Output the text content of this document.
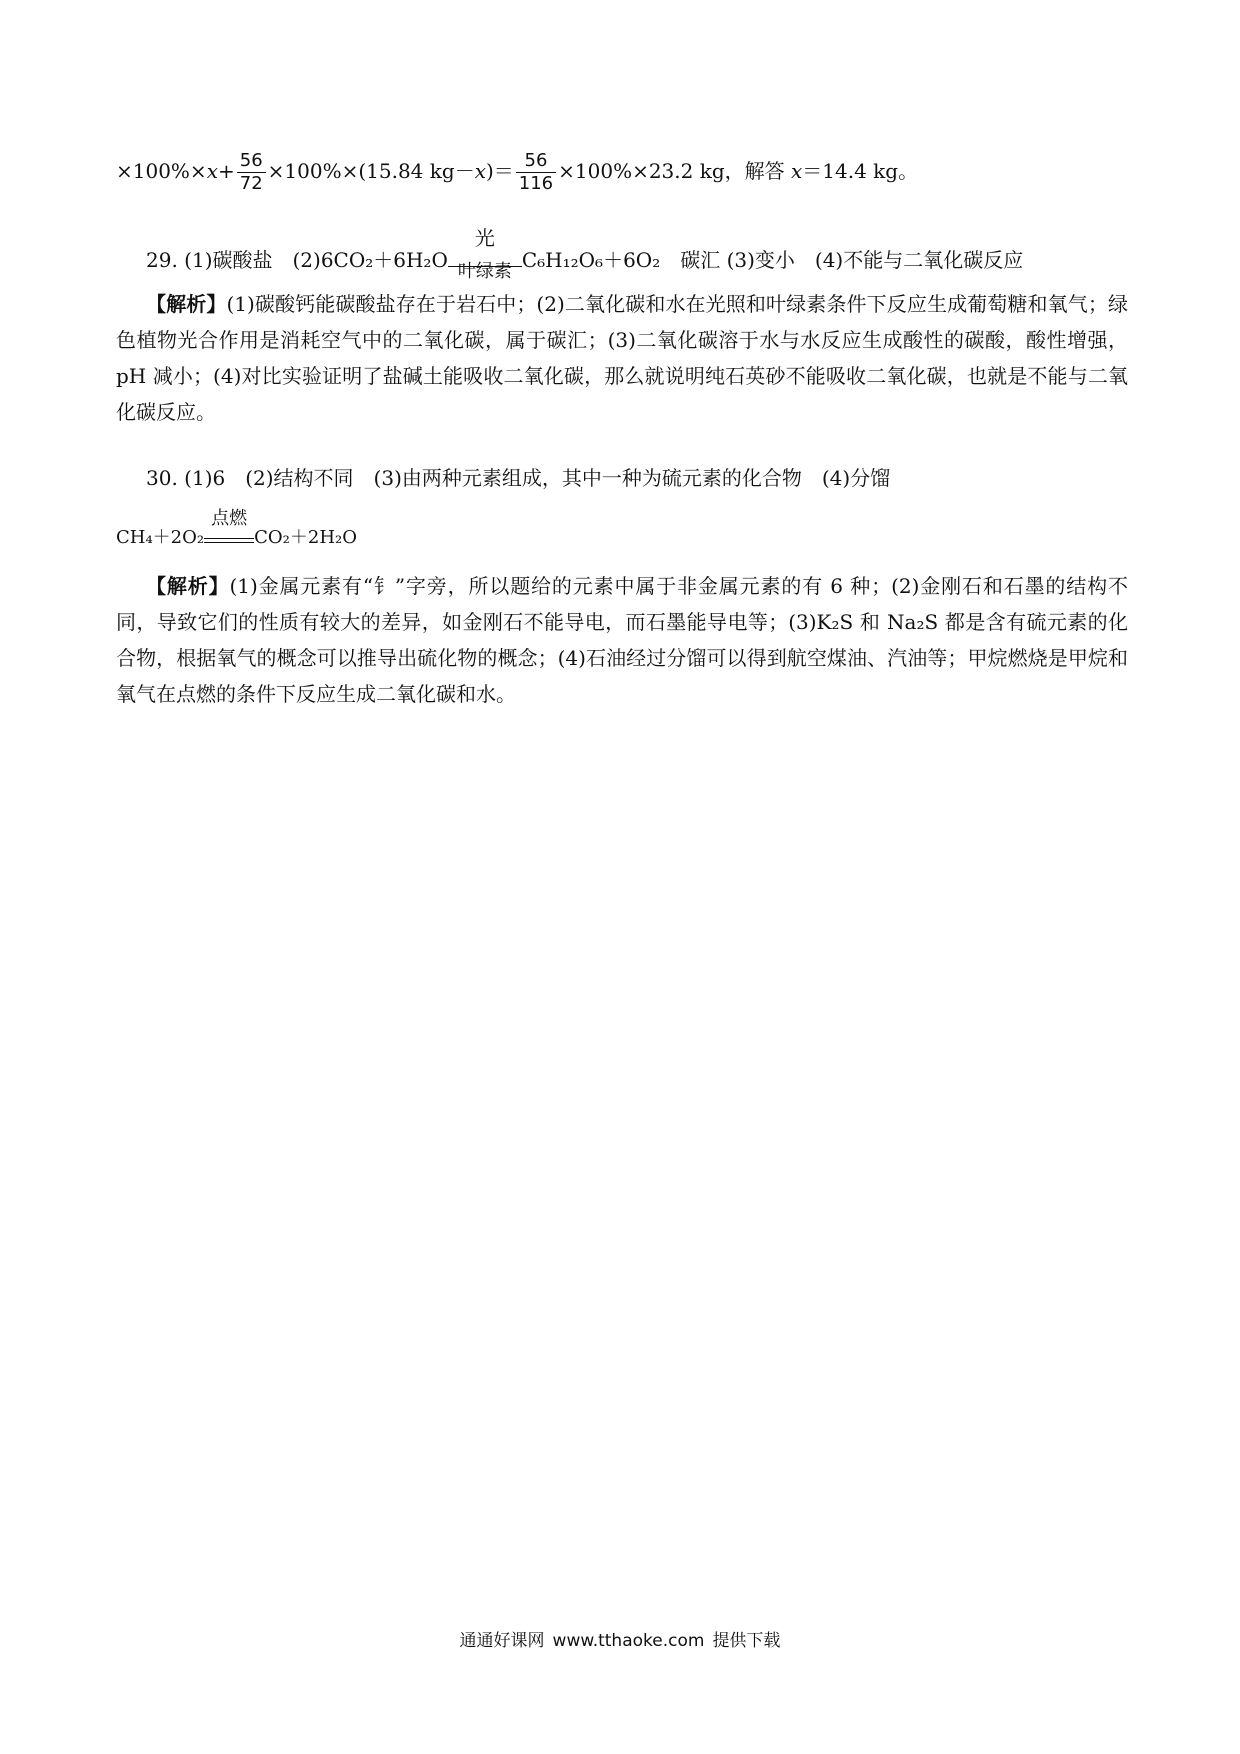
$\times 100\%\times x+ \frac{56}{72} \times 100\%\times(15.84$ $kg-x)= \frac{56}{116} \times 100\%\times 23.2$ kg，解答 x＝14.4 kg。
29. (1)碳酸盐　(2)6CO₂＋6H₂O
光
叶绿素 C₆H₁₂O₆＋6O₂　碳汇 (3)变小　(4)不能与二氧化碳反应
【解析】(1)碳酸钙能碳酸盐存在于岩石中；(2)二氧化碳和水在光照和叶绿素条件下反应生成葡萄糖和氧气；绿色植物光合作用是消耗空气中的二氧化碳，属于碳汇；(3)二氧化碳溶于水与水反应生成酸性的碳酸，酸性增强，pH 减小；(4)对比实验证明了盐碱土能吸收二氧化碳，那么就说明纯石英砂不能吸收二氧化碳，也就是不能与二氧化碳反应。
30. (1)6　(2)结构不同　(3)由两种元素组成，其中一种为硫元素的化合物　(4)分馏
CH₄＋2O₂
点燃
CO₂＋2H₂O
【解析】(1)金属元素有“钅”字旁，所以题给的元素中属于非金属元素的有 6 种；(2)金刚石和石墨的结构不同，导致它们的性质有较大的差异，如金刚石不能导电，而石墨能导电等；(3)K₂S 和 Na₂S 都是含有硫元素的化合物，根据氧气的概念可以推导出硫化物的概念；(4)石油经过分馏可以得到航空煤油、汽油等；甲烷燃烧是甲烷和氧气在点燃的条件下反应生成二氧化碳和水。
通通好课网 www.tthaoke.com 提供下载
